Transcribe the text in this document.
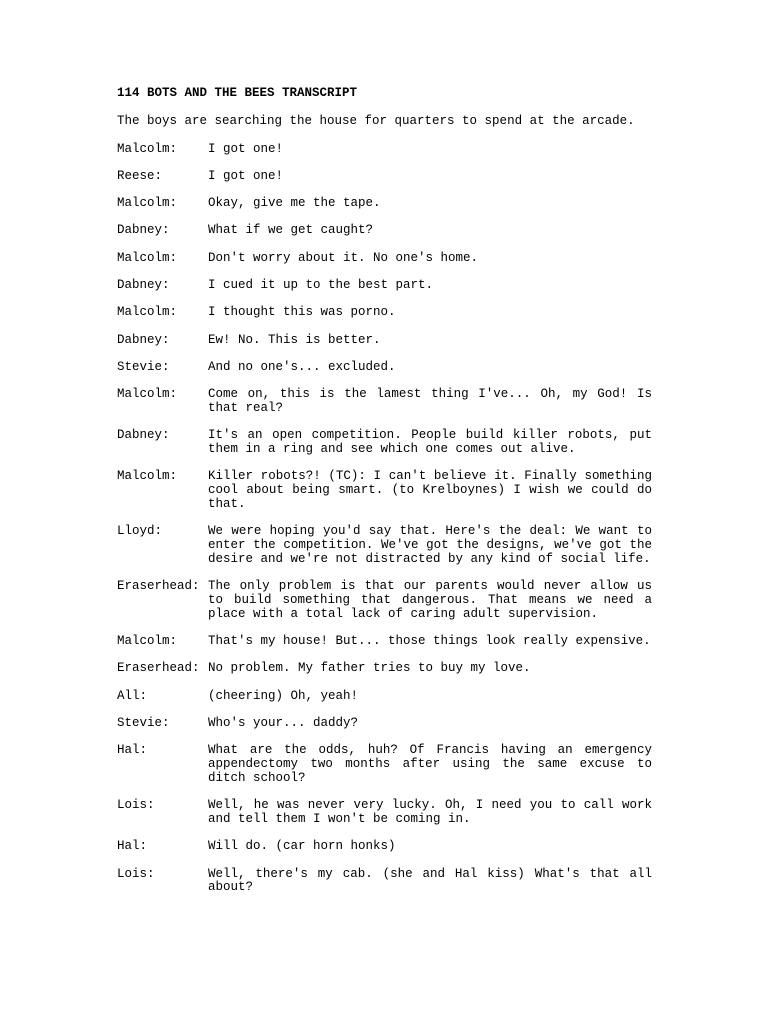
114 BOTS AND THE BEES TRANSCRIPT
The boys are searching the house for quarters to spend at the arcade.
Malcolm:	I got one!
Reese:	I got one!
Malcolm:	Okay, give me the tape.
Dabney:	What if we get caught?
Malcolm:	Don't worry about it. No one's home.
Dabney:	I cued it up to the best part.
Malcolm:	I thought this was porno.
Dabney:	Ew! No. This is better.
Stevie:	And no one's... excluded.
Malcolm:	Come on, this is the lamest thing I've... Oh, my God! Is that real?
Dabney:	It's an open competition. People build killer robots, put them in a ring and see which one comes out alive.
Malcolm:	Killer robots?! (TC): I can't believe it. Finally something cool about being smart. (to Krelboynes) I wish we could do that.
Lloyd:	We were hoping you'd say that. Here's the deal: We want to enter the competition. We've got the designs, we've got the desire and we're not distracted by any kind of social life.
Eraserhead: The only problem is that our parents would never allow us to build something that dangerous. That means we need a place with a total lack of caring adult supervision.
Malcolm:	That's my house! But... those things look really expensive.
Eraserhead: No problem. My father tries to buy my love.
All:	(cheering) Oh, yeah!
Stevie:	Who's your... daddy?
Hal:	What are the odds, huh? Of Francis having an emergency appendectomy two months after using the same excuse to ditch school?
Lois:	Well, he was never very lucky. Oh, I need you to call work and tell them I won't be coming in.
Hal:	Will do. (car horn honks)
Lois:	Well, there's my cab. (she and Hal kiss) What's that all about?
